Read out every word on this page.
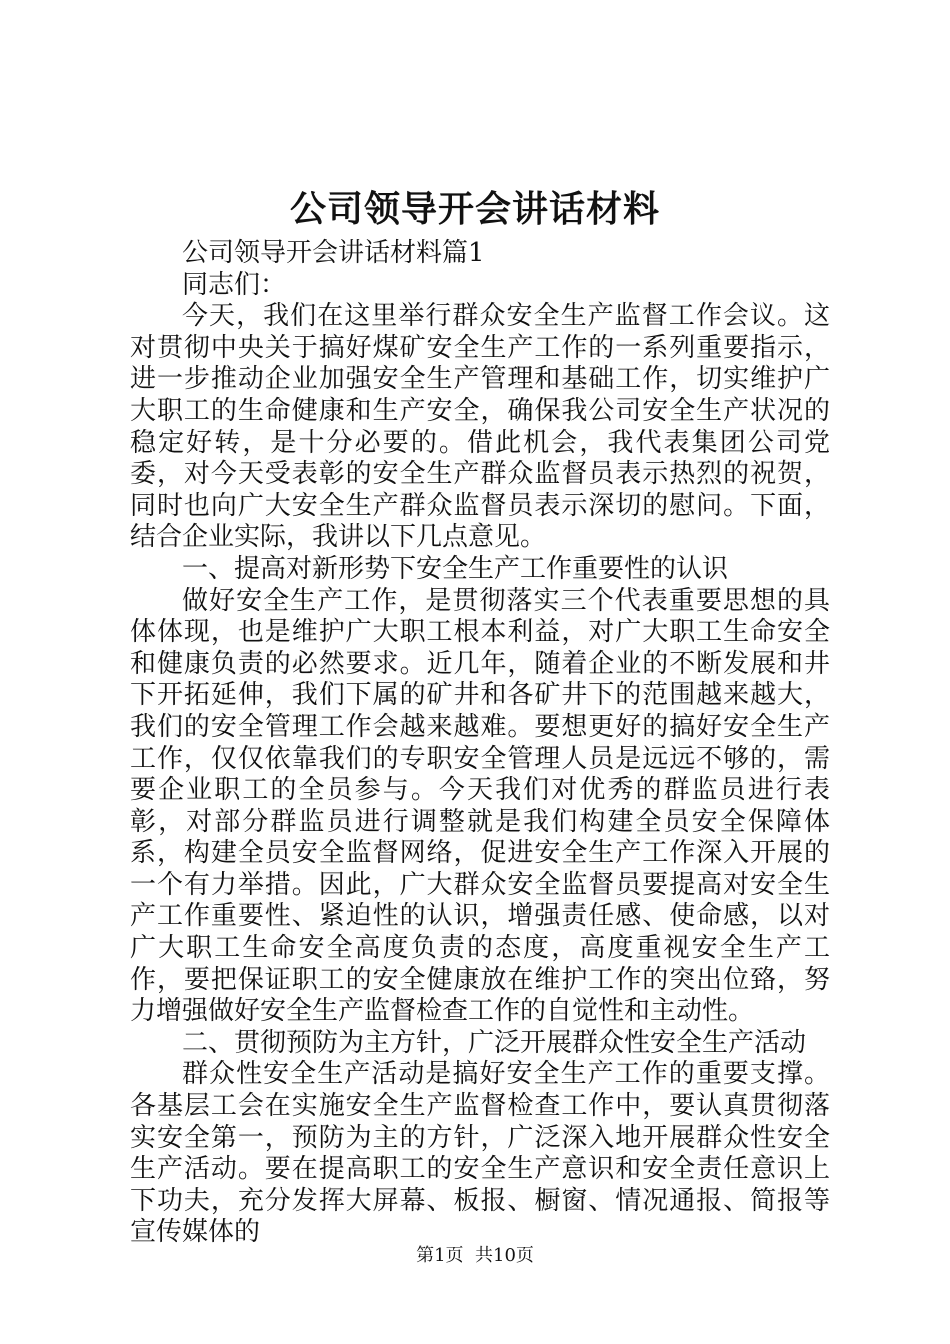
公司领导开会讲话材料

公司领导开会讲话材料篇1

同志们：

今天，我们在这里举行群众安全生产监督工作会议。这对贯彻中央关于搞好煤矿安全生产工作的一系列重要指示，进一步推动企业加强安全生产管理和基础工作，切实维护广大职工的生命健康和生产安全，确保我公司安全生产状况的稳定好转，是十分必要的。借此机会，我代表集团公司党委，对今天受表彰的安全生产群众监督员表示热烈的祝贺，同时也向广大安全生产群众监督员表示深切的慰问。下面，结合企业实际，我讲以下几点意见。

一、提高对新形势下安全生产工作重要性的认识

做好安全生产工作，是贯彻落实三个代表重要思想的具体体现，也是维护广大职工根本利益，对广大职工生命安全和健康负责的必然要求。近几年，随着企业的不断发展和井下开拓延伸，我们下属的矿井和各矿井下的范围越来越大，我们的安全管理工作会越来越难。要想更好的搞好安全生产工作，仅仅依靠我们的专职安全管理人员是远远不够的，需要企业职工的全员参与。今天我们对优秀的群监员进行表彰，对部分群监员进行调整就是我们构建全员安全保障体系，构建全员安全监督网络，促进安全生产工作深入开展的一个有力举措。因此，广大群众安全监督员要提高对安全生产工作重要性、紧迫性的认识，增强责任感、使命感，以对广大职工生命安全高度负责的态度，高度重视安全生产工作，要把保证职工的安全健康放在维护工作的突出位臵，努力增强做好安全生产监督检查工作的自觉性和主动性。

二、贯彻预防为主方针，广泛开展群众性安全生产活动

群众性安全生产活动是搞好安全生产工作的重要支撑。各基层工会在实施安全生产监督检查工作中，要认真贯彻落实安全第一，预防为主的方针，广泛深入地开展群众性安全生产活动。要在提高职工的安全生产意识和安全责任意识上下功夫，充分发挥大屏幕、板报、橱窗、情况通报、简报等宣传媒体的

第1页  共10页
